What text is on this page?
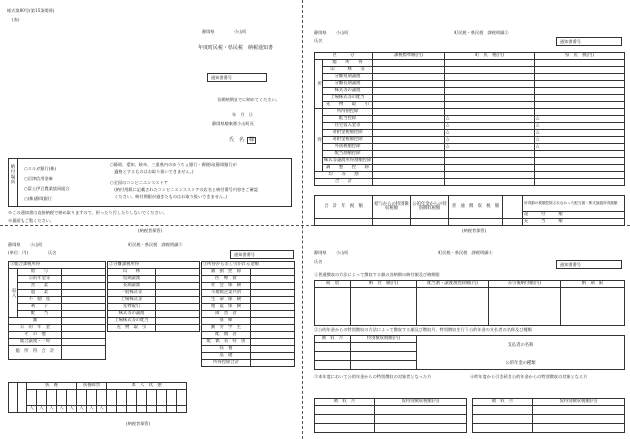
様式第80号(第15条関係)
(表)
静岡県	小山町
年度町民税・県民税　納税通知書
通知書番号
各期納期までに納めてください。
年　月　日
静岡県駿東郡小山町長
氏　名 様
納付場所 ○スルガ銀行(株)
○沼津信用金庫
○富士伊豆農業協同組合
○(株)静岡銀行
○静岡、愛知、岐阜、三重県内のゆうちょ銀行・郵便局(静岡銀行が
　適格とするものはお取り扱いできません。)
○全国のコンビニエンスストア
　(納付用紙に記載されたコンビニエンスストアの店名と納付番号内容をご確認
　ください。納付期限が過ぎたものはお取り扱いできません。)
※この通知書は直接納税で納め取りますので、折ったり汚したりしないでください。
※裏面もご覧ください。
(納税者保管)
静岡県 小山町	町民税・県民税　課税明細②
氏名	通知書番号
区　　　分		課税標準額(円)	町　民　税(円)	県　民　税(円)
所	総　　所　　得			
	山　　　林　　等			
	分離短期譲渡			
	分離長期譲渡			
	株式等の譲渡			
	上場株式等の配当			
	先　　物　　取　　引			
得	所得割控除			
	配当控除		△	△
	住宅借入金等		△	△
	寄附金税額控除		△	△
	寄附金税額控除		△	△
	外国税額控除		△	△
	配当割額控除			
	株式等譲渡所得割額控除			
	調　　整　　控　　除			
均　　等　　割				
合　　計				
合　計　年　税　額	給与からの特別徴収税額	公的年金からの特別徴収税額	普　通　徴　収　税　額		所得割の税額控除されなかった配当割・株式譲渡所得割額
					還　　　付　　　額
					充　　　当　　　額
(納税者保管)
静岡県 小山町	町民税・県民税　課税明細③
通知書番号
(単位：円)	氏名
①総合課税所得		
収入	給　　与	
	公的年金等	
	営　　業	
	農　　業	
	不　動　産	
	利　　子	
	配　　当	
雑		
公　的　年　金		
そ　の　他		
総合譲渡・一時		
総　所　得　合　計		
②分離課税所得	
山　　林	
短期譲渡	
長期譲渡	
一般株式等	
上場株式等	
先物取引	
株式等の譲渡	
上場株式等の配当	
先　物　取　引	
③所得から差し引かれる金額	
雑　損　控　除	
医　療　費	
社　会　保　険	
小規模企業共済	
生　命　保　険	
地　震　保　険	
障　害　者	
寡　婦	
勤　労　学　生	
配　偶　者	
配　偶　者　特　別	
扶　養	
基　礎	
所得控除合計	
		扶　養					扶養障害			本　人　状　態							

		人	人	人	人	人	人	人	人								
(納税者保管)
静岡県 小山町	町民税・県民税　課税明細④
氏名
通知書番号
①普通徴収の方法によって徴収する額の各納期の納付額及び納期限
期　別	納　付　額(円)	配当割・譲渡割控除額(円)	差引後納付額(円)	納　期　限

②公的年金からの特別徴収の方法によって徴収する額及び徴収月、特別徴収を行う公的年金の支払者の名称及び種類
徴　収　月	特別徴収税額(円)	支払者の名称
公的年金の種類

③本年度において公的年金からの特別徴収の対象者となった方	④昨年度から引き続き公的年金からの特別徴収の対象となる方
徴　収　月	仮特別徴収税額(円)

		徴　収　月	仮特別徴収税額(円)
